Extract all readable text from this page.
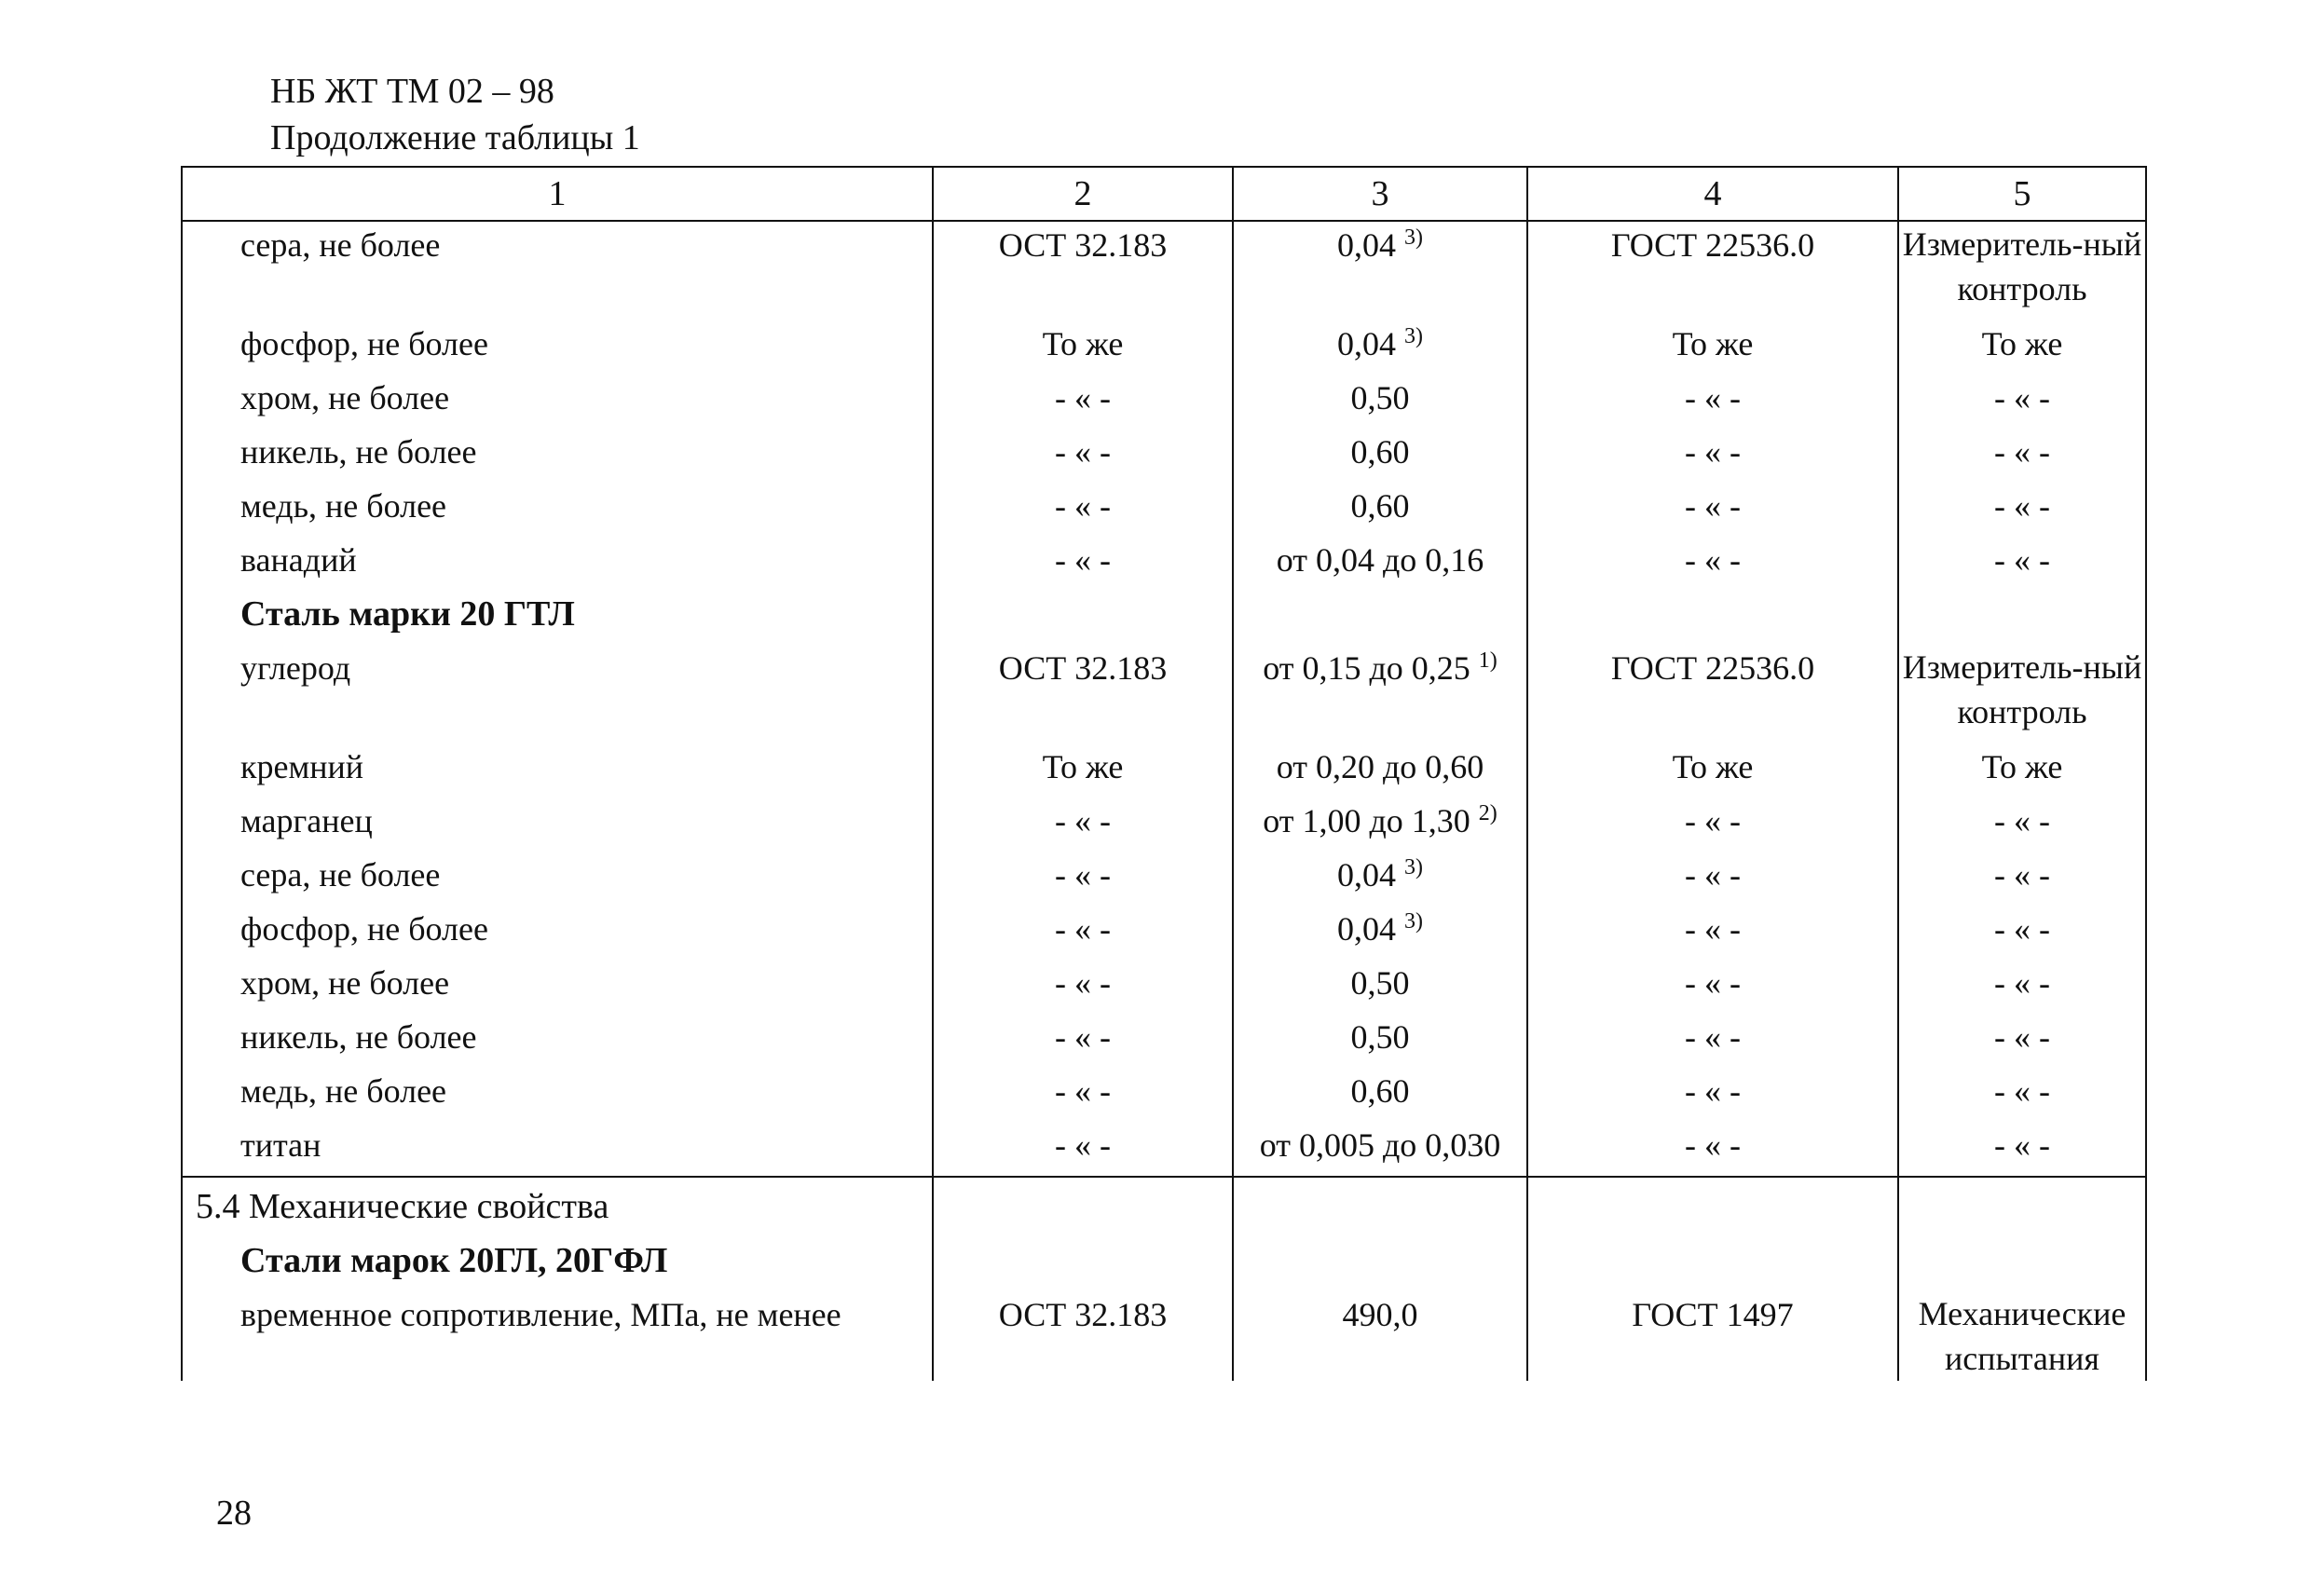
НБ ЖТ ТМ 02 – 98
Продолжение таблицы 1
1	2	3	4	5
сера, не более	ОСТ 32.183	0,04 $^{3)}$	ГОСТ 22536.0	Измеритель-ный контроль
фосфор, не более	То же	0,04 $^{3)}$	То же	То же
хром, не более	- « -	0,50	- « -	- « -
никель, не более	- « -	0,60	- « -	- « -
медь, не более	- « -	0,60	- « -	- « -
ванадий	- « -	от 0,04 до 0,16	- « -	- « -
Сталь марки 20 ГТЛ				
углерод	ОСТ 32.183	от 0,15 до 0,25 $^{1)}$	ГОСТ 22536.0	Измеритель-ный контроль
кремний	То же	от 0,20 до 0,60	То же	То же
марганец	- « -	от 1,00 до 1,30 $^{2)}$	- « -	- « -
сера, не более	- « -	0,04 $^{3)}$	- « -	- « -
фосфор, не более	- « -	0,04 $^{3)}$	- « -	- « -
хром, не более	- « -	0,50	- « -	- « -
никель, не более	- « -	0,50	- « -	- « -
медь, не более	- « -	0,60	- « -	- « -
титан	- « -	от 0,005 до 0,030	- « -	- « -
5.4 Механические свойства				
Стали марок 20ГЛ, 20ГФЛ				
временное сопротивление, МПа, не менее	ОСТ 32.183	490,0	ГОСТ 1497	Механические испытания
28
